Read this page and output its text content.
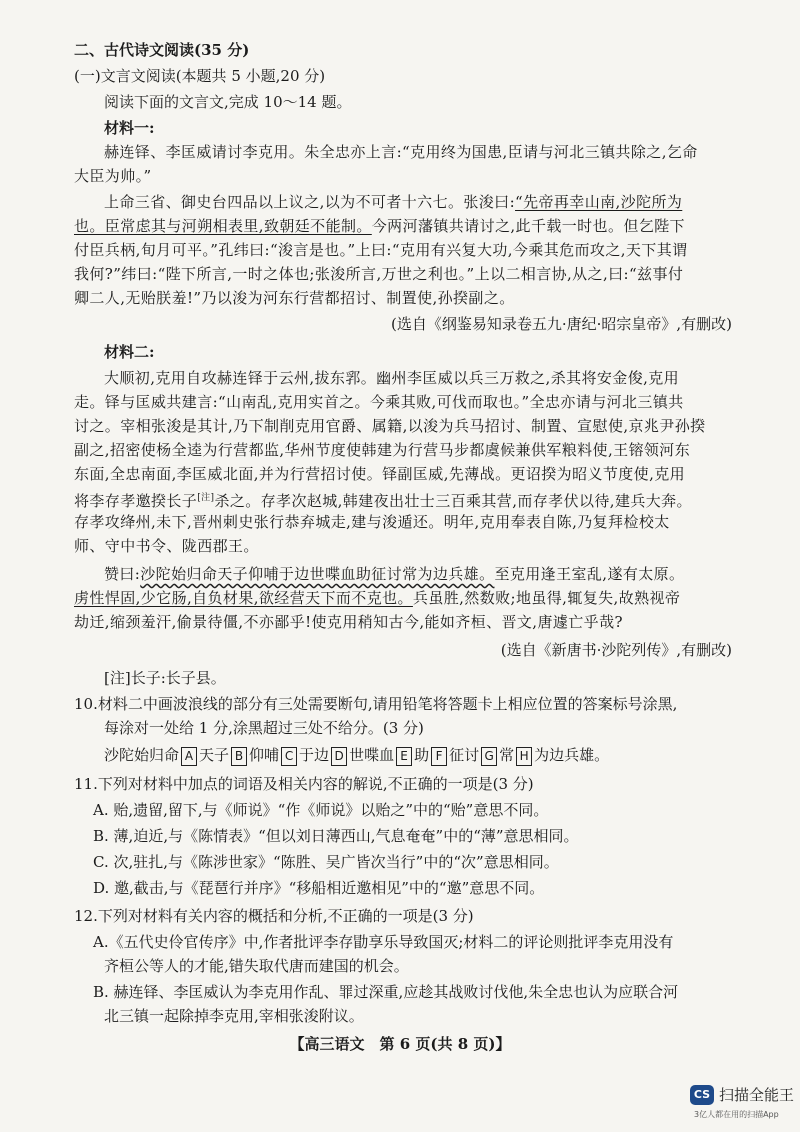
二、古代诗文阅读(35 分)
(一)文言文阅读(本题共 5 小题,20 分)
阅读下面的文言文,完成 10～14 题。
材料一:
赫连铎、李匡威请讨李克用。朱全忠亦上言:“克用终为国患,臣请与河北三镇共除之,乞命
大臣为帅。”
上命三省、御史台四品以上议之,以为不可者十六七。张浚曰:“先帝再幸山南,沙陀所为
也。臣常虑其与河朔相表里,致朝廷不能制。今两河藩镇共请讨之,此千载一时也。但乞陛下
付臣兵柄,旬月可平。”孔纬曰:“浚言是也。”上曰:“克用有兴复大功,今乘其危而攻之,天下其谓
我何?”纬曰:“陛下所言,一时之体也;张浚所言,万世之利也。”上以二相言协,从之,曰:“兹事付
卿二人,无贻朕羞!”乃以浚为河东行营都招讨、制置使,孙揆副之。
(选自《纲鉴易知录卷五九·唐纪·昭宗皇帝》,有删改)
材料二:
大顺初,克用自攻赫连铎于云州,拔东郛。幽州李匡威以兵三万救之,杀其将安金俊,克用
走。铎与匡威共建言:“山南乱,克用实首之。今乘其败,可伐而取也。”全忠亦请与河北三镇共
讨之。宰相张浚是其计,乃下制削克用官爵、属籍,以浚为兵马招讨、制置、宣慰使,京兆尹孙揆
副之,招密使杨全逵为行营都监,华州节度使韩建为行营马步都虞候兼供军粮料使,王镕领河东
东面,全忠南面,李匡威北面,并为行营招讨使。铎副匡威,先薄战。更诏揆为昭义节度使,克用
将李存孝邀揆长子[注]杀之。存孝次赵城,韩建夜出壮士三百乘其营,而存孝伏以待,建兵大奔。
存孝攻绛州,未下,晋州刺史张行恭弃城走,建与浚遁还。明年,克用奉表自陈,乃复拜检校太
师、守中书令、陇西郡王。
赞曰:沙陀始归命天子仰哺于边世喋血助征讨常为边兵雄。至克用逢王室乱,遂有太原。
虏性悍固,少它肠,自负材果,欲经营天下而不克也。兵虽胜,然数败;地虽得,辄复失,故熟视帝
劫迁,缩颈羞汗,偷景待僵,不亦鄙乎!使克用稍知古今,能如齐桓、晋文,唐遽亡乎哉?
(选自《新唐书·沙陀列传》,有删改)
[注]长子:长子县。
10.材料二中画波浪线的部分有三处需要断句,请用铅笔将答题卡上相应位置的答案标号涂黑,
每涂对一处给 1 分,涂黑超过三处不给分。(3 分)
沙陀始归命 A 天子 B 仰哺 C 于边 D 世喋血 E 助 F 征讨 G 常 H 为边兵雄。
11.下列对材料中加点的词语及相关内容的解说,不正确的一项是(3 分)
A. 贻,遗留,留下,与《师说》“作《师说》以贻之”中的“贻”意思不同。
B. 薄,迫近,与《陈情表》“但以刘日薄西山,气息奄奄”中的“薄”意思相同。
C. 次,驻扎,与《陈涉世家》“陈胜、吴广皆次当行”中的“次”意思相同。
D. 邀,截击,与《琵琶行并序》“移船相近邀相见”中的“邀”意思不同。
12.下列对材料有关内容的概括和分析,不正确的一项是(3 分)
A.《五代史伶官传序》中,作者批评李存勖享乐导致国灭;材料二的评论则批评李克用没有
齐桓公等人的才能,错失取代唐而建国的机会。
B. 赫连铎、李匡威认为李克用作乱、罪过深重,应趁其战败讨伐他,朱全忠也认为应联合河
北三镇一起除掉李克用,宰相张浚附议。
【高三语文　第 6 页(共 8 页)】
CS 扫描全能王
3亿人都在用的扫描App
